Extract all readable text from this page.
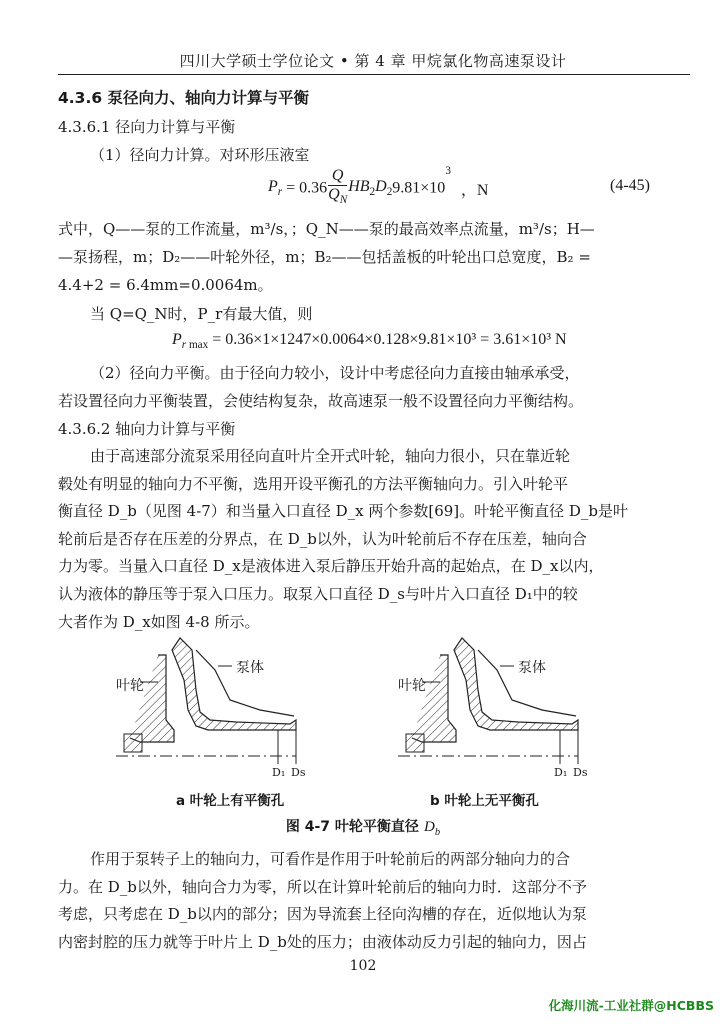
四川大学硕士学位论文 • 第 4 章 甲烷氯化物高速泵设计
4.3.6 泵径向力、轴向力计算与平衡
4.3.6.1 径向力计算与平衡
（1）径向力计算。对环形压液室
$P_r = 0.36 \frac{Q}{Q_N} HB_2D_29.81\times 10^3$ ，N	(4-45)
式中，Q——泵的工作流量，m³/s，；Q_N——泵的最高效率点流量，m³/s；H—
—泵扬程，m；D₂——叶轮外径，m；B₂——包括盖板的叶轮出口总宽度，B₂ =
4.4+2 = 6.4mm=0.0064m。
当 Q=Q_N时，P_r有最大值，则
$P_{r max} = 0.36\times 1\times 1247\times 0.0064\times 0.128\times 9.81\times 10^3 = 3.61\times 10^3$ N
（2）径向力平衡。由于径向力较小，设计中考虑径向力直接由轴承承受，
若设置径向力平衡装置，会使结构复杂，故高速泵一般不设置径向力平衡结构。
4.3.6.2 轴向力计算与平衡
由于高速部分流泵采用径向直叶片全开式叶轮，轴向力很小，只在靠近轮
毂处有明显的轴向力不平衡，选用开设平衡孔的方法平衡轴向力。引入叶轮平
衡直径 D_b（见图 4-7）和当量入口直径 D_x 两个参数[69]。叶轮平衡直径 D_b是叶
轮前后是否存在压差的分界点，在 D_b以外，认为叶轮前后不存在压差，轴向合
力为零。当量入口直径 D_x是液体进入泵后静压开始升高的起始点，在 D_x以内，
认为液体的静压等于泵入口压力。取泵入口直径 D_s与叶片入口直径 D₁中的较
大者作为 D_x如图 4-8 所示。
泵体
叶轮
D₁ Ds
泵体
叶轮
D₁ Ds
a 叶轮上有平衡孔	b 叶轮上无平衡孔
图 4-7 叶轮平衡直径 $D_b$
作用于泵转子上的轴向力，可看作是作用于叶轮前后的两部分轴向力的合
力。在 D_b以外，轴向合力为零，所以在计算叶轮前后的轴向力时．这部分不予
考虑，只考虑在 D_b以内的部分；因为导流套上径向沟槽的存在，近似地认为泵
内密封腔的压力就等于叶片上 D_b处的压力；由液体动反力引起的轴向力，因占
102
化海川流-工业社群@HCBBS
